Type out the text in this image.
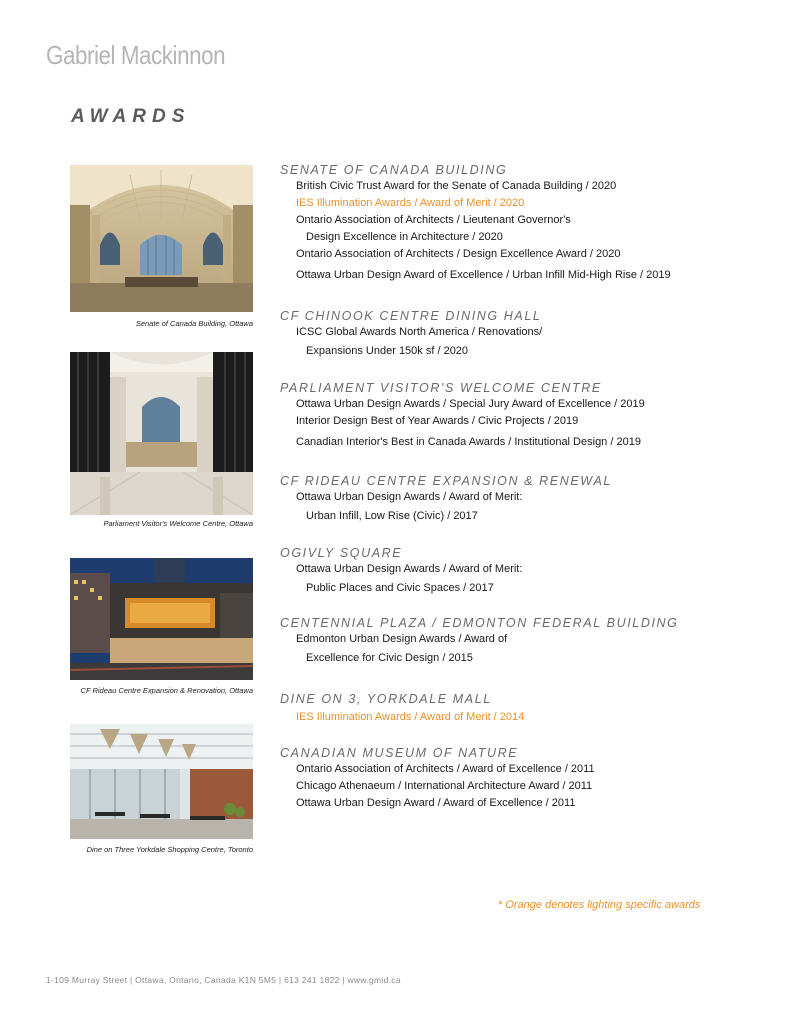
Gabriel Mackinnon
AWARDS
Senate of Canada Building, Ottawa
Parliament Visitor's Welcome Centre, Ottawa
CF Rideau Centre Expansion & Renovation, Ottawa
Dine on Three Yorkdale Shopping Centre, Toronto
SENATE OF CANADA BUILDING
British Civic Trust Award for the Senate of Canada Building / 2020
IES Illumination Awards / Award of Merit / 2020
Ontario Association of Architects / Lieutenant Governor's
Design Excellence in Architecture / 2020
Ontario Association of Architects / Design Excellence Award / 2020
Ottawa Urban Design Award of Excellence / Urban Infill Mid-High Rise / 2019
CF CHINOOK CENTRE DINING HALL
ICSC Global Awards North America / Renovations/
Expansions Under 150k sf / 2020
PARLIAMENT VISITOR'S WELCOME CENTRE
Ottawa Urban Design Awards / Special Jury Award of Excellence / 2019
Interior Design Best of Year Awards / Civic Projects / 2019
Canadian Interior's Best in Canada Awards / Institutional Design / 2019
CF RIDEAU CENTRE EXPANSION & RENEWAL
Ottawa Urban Design Awards / Award of Merit:
Urban Infill, Low Rise (Civic) / 2017
OGIVLY SQUARE
Ottawa Urban Design Awards / Award of Merit:
Public Places and Civic Spaces / 2017
CENTENNIAL PLAZA / EDMONTON FEDERAL BUILDING
Edmonton Urban Design Awards / Award of
Excellence for Civic Design / 2015
DINE ON 3, YORKDALE MALL
IES Illumination Awards / Award of Merit / 2014
CANADIAN MUSEUM OF NATURE
Ontario Association of Architects / Award of Excellence / 2011
Chicago Athenaeum / International Architecture Award / 2011
Ottawa Urban Design Award / Award of Excellence / 2011
* Orange denotes lighting specific awards
1-109 Murray Street | Ottawa, Ontario, Canada K1N 5M5 | 613 241 1822 | www.gmid.ca
